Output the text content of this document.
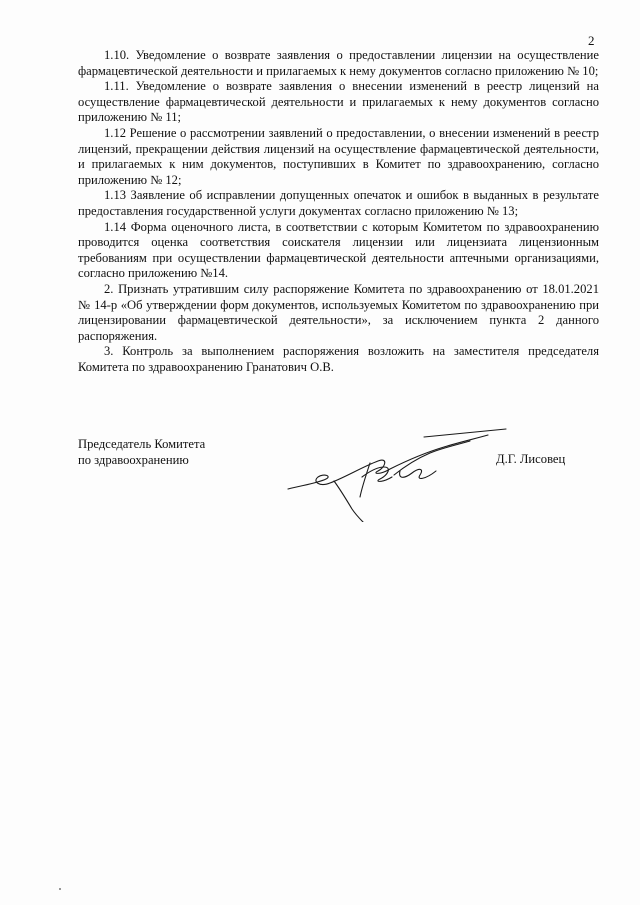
2

1.10. Уведомление о возврате заявления о предоставлении лицензии на осуществление фармацевтической деятельности и прилагаемых к нему документов согласно приложению № 10;

1.11. Уведомление о возврате заявления о внесении изменений в реестр лицензий на осуществление фармацевтической деятельности и прилагаемых к нему документов согласно приложению № 11;

1.12 Решение о рассмотрении заявлений о предоставлении, о внесении изменений в реестр лицензий, прекращении действия лицензий на осуществление фармацевтической деятельности, и прилагаемых к ним документов, поступивших в Комитет по здравоохранению, согласно приложению № 12;

1.13 Заявление об исправлении допущенных опечаток и ошибок в выданных в результате предоставления государственной услуги документах согласно приложению № 13;

1.14 Форма оценочного листа, в соответствии с которым Комитетом по здравоохранению проводится оценка соответствия соискателя лицензии или лицензиата лицензионным требованиям при осуществлении фармацевтической деятельности аптечными организациями, согласно приложению №14.

2. Признать утратившим силу распоряжение Комитета по здравоохранению от 18.01.2021 № 14-р «Об утверждении форм документов, используемых Комитетом по здравоохранению при лицензировании фармацевтической деятельности», за исключением пункта 2 данного распоряжения.

3. Контроль за выполнением распоряжения возложить на заместителя председателя Комитета по здравоохранению Гранатович О.В.

Председатель Комитета
по здравоохранению	Д.Г. Лисовец
